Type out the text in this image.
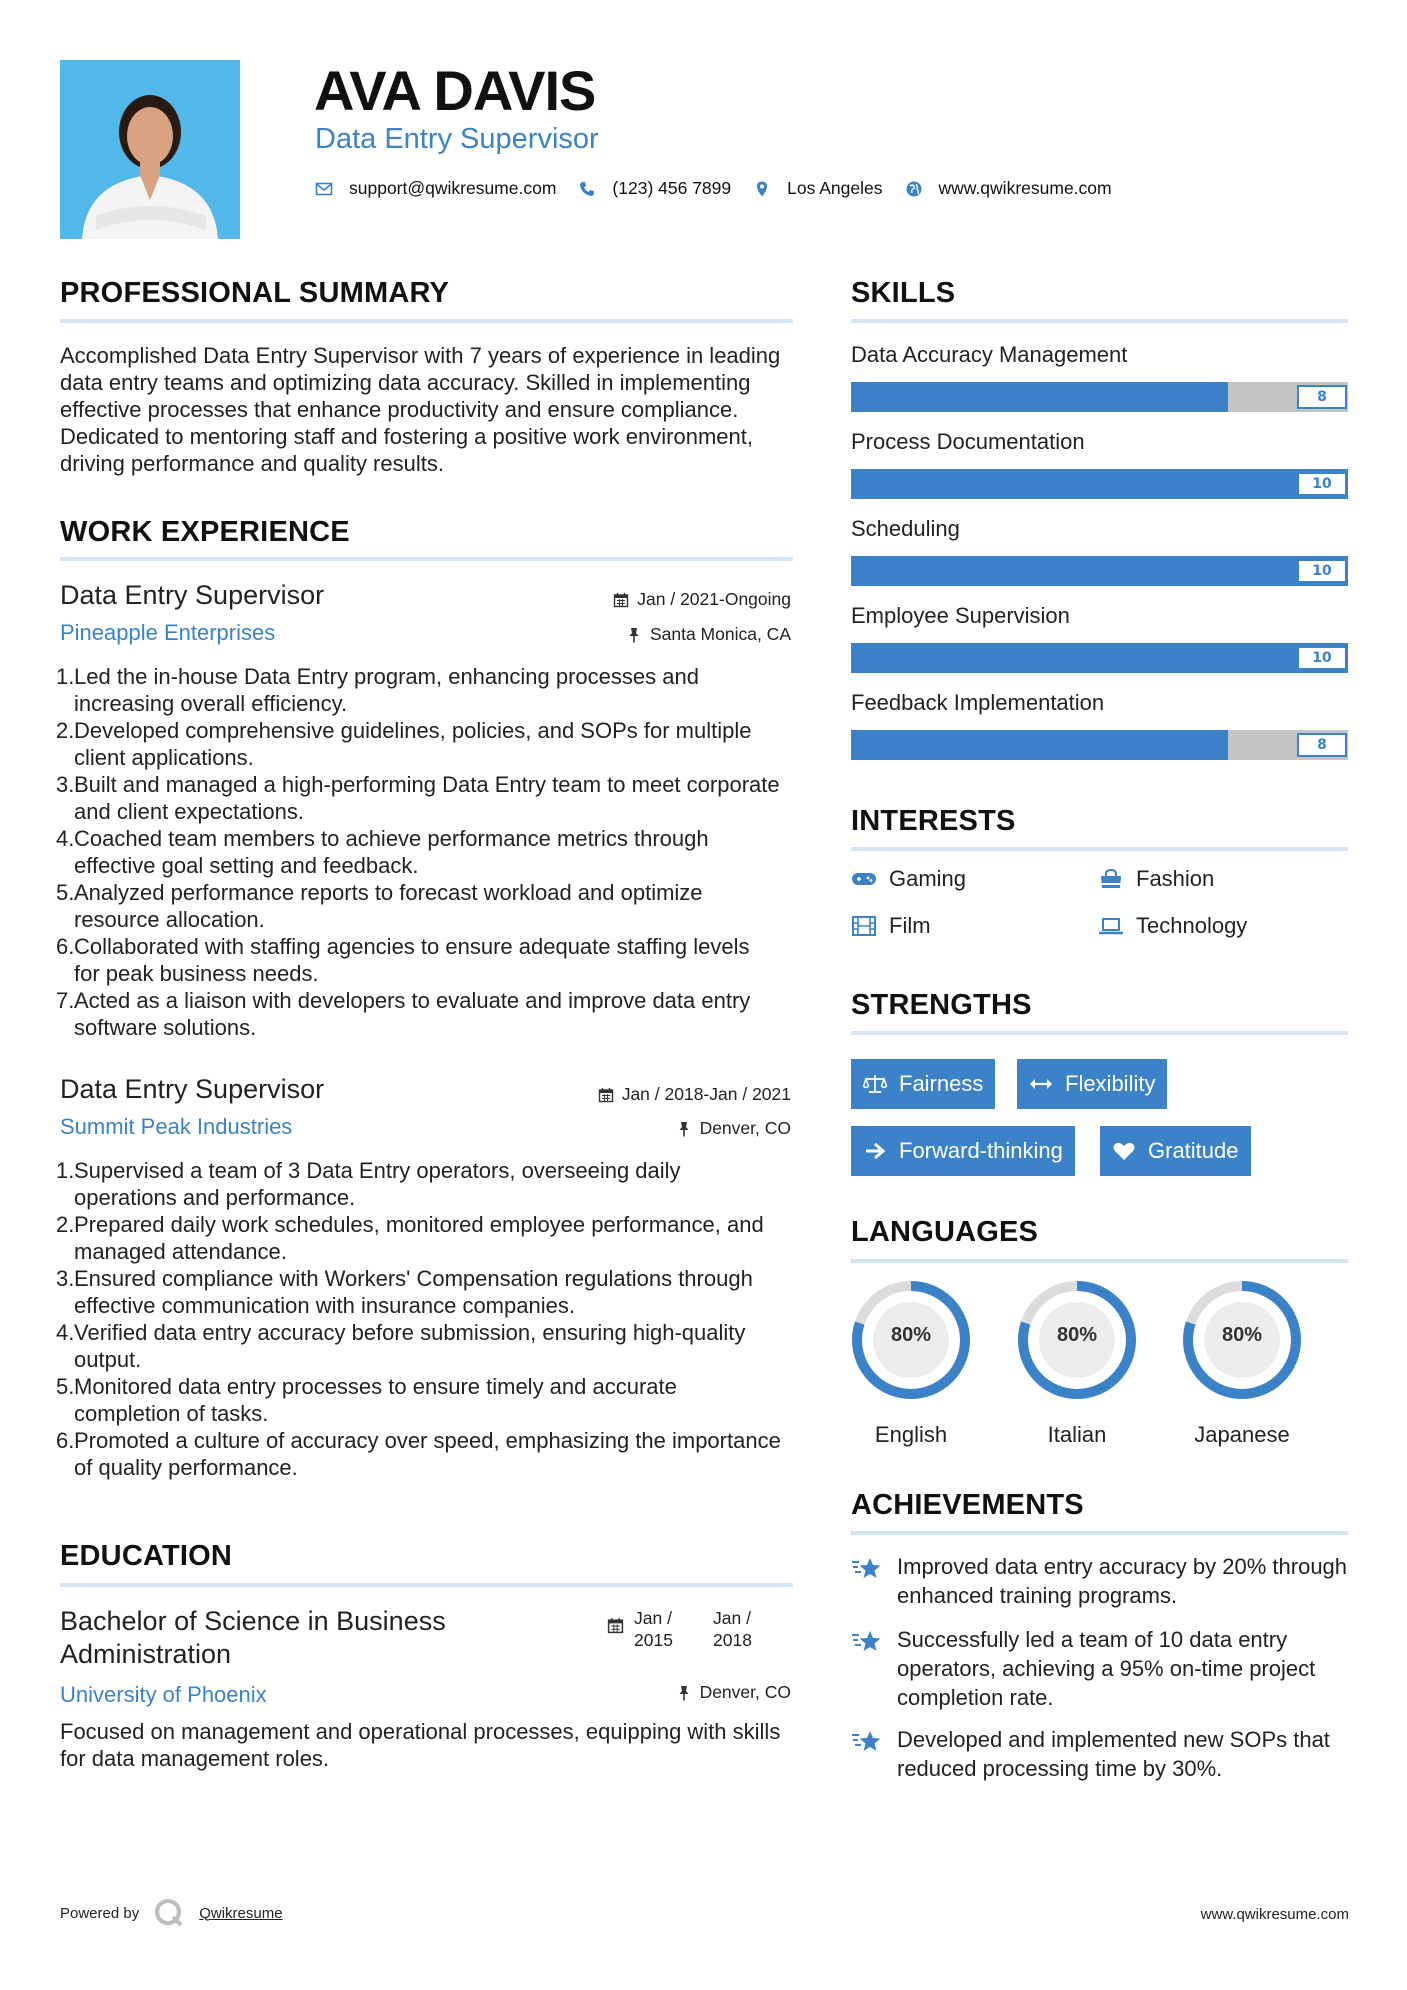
AVA DAVIS
Data Entry Supervisor
support@qwikresume.com	(123) 456 7899	Los Angeles	www.qwikresume.com
PROFESSIONAL SUMMARY
Accomplished Data Entry Supervisor with 7 years of experience in leading data entry teams and optimizing data accuracy. Skilled in implementing effective processes that enhance productivity and ensure compliance. Dedicated to mentoring staff and fostering a positive work environment, driving performance and quality results.
WORK EXPERIENCE
Data Entry Supervisor
Pineapple Enterprises
Jan / 2021-Ongoing
Santa Monica, CA
1. Led the in-house Data Entry program, enhancing processes and increasing overall efficiency.
2. Developed comprehensive guidelines, policies, and SOPs for multiple client applications.
3. Built and managed a high-performing Data Entry team to meet corporate and client expectations.
4. Coached team members to achieve performance metrics through effective goal setting and feedback.
5. Analyzed performance reports to forecast workload and optimize resource allocation.
6. Collaborated with staffing agencies to ensure adequate staffing levels for peak business needs.
7. Acted as a liaison with developers to evaluate and improve data entry software solutions.
Data Entry Supervisor
Summit Peak Industries
Jan / 2018-Jan / 2021
Denver, CO
1. Supervised a team of 3 Data Entry operators, overseeing daily operations and performance.
2. Prepared daily work schedules, monitored employee performance, and managed attendance.
3. Ensured compliance with Workers' Compensation regulations through effective communication with insurance companies.
4. Verified data entry accuracy before submission, ensuring high-quality output.
5. Monitored data entry processes to ensure timely and accurate completion of tasks.
6. Promoted a culture of accuracy over speed, emphasizing the importance of quality performance.
EDUCATION
Bachelor of Science in Business Administration
Jan / 2015
Jan / 2018
University of Phoenix	Denver, CO
Focused on management and operational processes, equipping with skills for data management roles.
SKILLS
Data Accuracy Management
8
Process Documentation
10
Scheduling
10
Employee Supervision
10
Feedback Implementation
8
INTERESTS
Gaming	Fashion
Film	Technology
STRENGTHS
Fairness	Flexibility
Forward-thinking	Gratitude
LANGUAGES
80%
English
80%
Italian
80%
Japanese
ACHIEVEMENTS
Improved data entry accuracy by 20% through enhanced training programs.
Successfully led a team of 10 data entry operators, achieving a 95% on-time project completion rate.
Developed and implemented new SOPs that reduced processing time by 30%.
Powered by	Qwikresume	www.qwikresume.com
